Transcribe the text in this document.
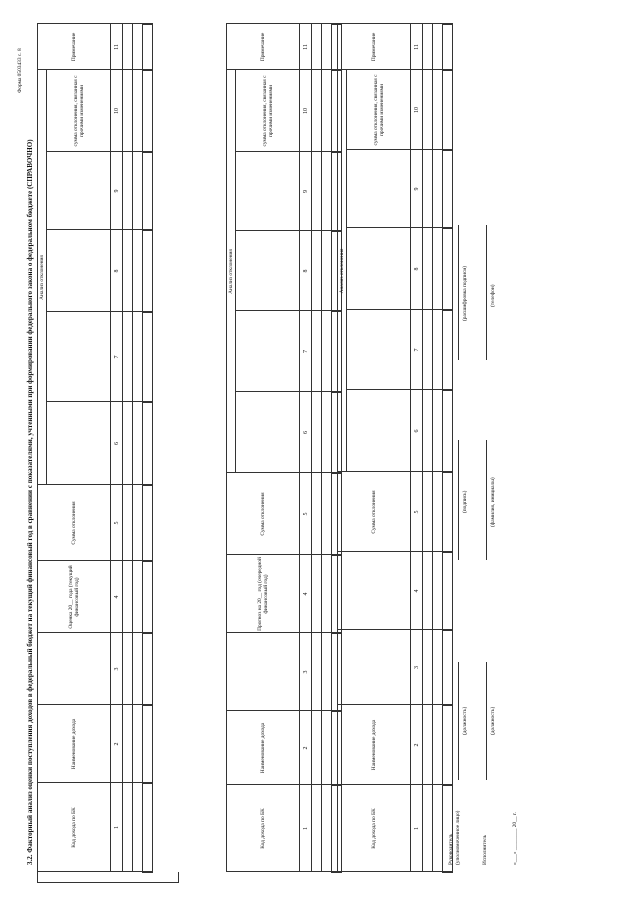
Форма 0503433 с. 8
3.2. Факторный анализ оценки поступления доходов в федеральный бюджет на текущий финансовый год в сравнении с показателями, учтенными при формировании федерального закона о федеральном бюджете (СПРАВОЧНО)	Код дохода по БК	Наименование дохода		Оценка 20__ года (текущий финансовый год)	Сумма отклонения	Анализ отклонения					Примечание
									сумма отклонения, связанная с прочими изменениями	
1	2	3	4	5	6	7	8	9	10	11

Код дохода по БК	Наименование дохода		Прогноз на 20__ год (очередной финансовый год)	Сумма отклонения	Анализ отклонения					Примечание
									сумма отклонения, связанная с прочими изменениями	
1	2	3	4	5	6	7	8	9	10	11

Код дохода по БК	Наименование дохода			Сумма отклонения	Анализ отклонения					Примечание
									сумма отклонения, связанная с прочими изменениями	
1	2	3	4	5	6	7	8	9	10	11

Руководитель (уполномоченное лицо)
(должность)
(подпись)
(расшифровка подписи)
Исполнитель
(должность)
(фамилия, инициалы)
(телефон)
«___» ________ 20__ г.
